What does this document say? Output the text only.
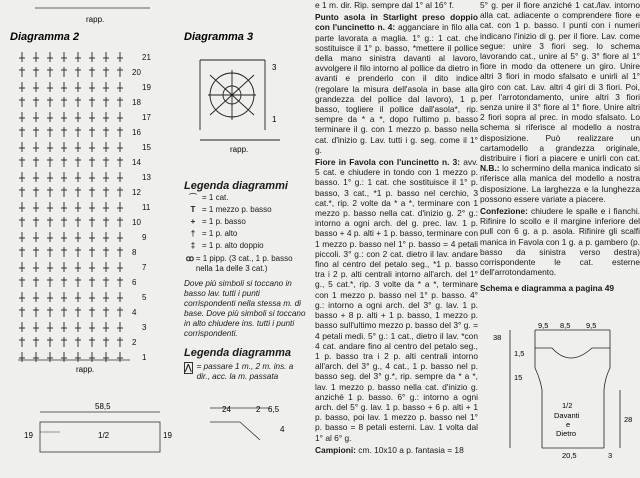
rapp.
Diagramma 2
21
20
19
18
17
16
15
14
13
12
11
10
9
8
7
6
5
4
3
2
1
rapp.
58,5
19	19
1/2
Diagramma 3
3
1
rapp.
Legenda diagrammi
⌒ = 1 cat.
T = 1 mezzo p. basso
+ = 1 p. basso
† = 1 p. alto
‡ = 1 p. alto doppio
ꝏ = 1 pipp. (3 cat., 1 p. basso nella 1a delle 3 cat.)
Dove più simboli si toccano in basso lav. tutti i punti corrispondenti nella stessa m. di base. Dove più simboli si toccano in alto chiudere ins. tutti i punti corrispondenti.
Legenda diagramma
⋀ = passare 1 m., 2 m. ins. a dir., acc. la m. passata
24	2 6,5
4

e 1 m. dir. Rip. sempre dal 1° al 16° f.

Punto asola in Starlight preso doppio con l'uncinetto n. 4: agganciare in filo alla parte lavorata a maglia. 1° g.: 1 cat. che sostituisce il 1° p. basso, *mettere il pollice della mano sinistra davanti al lavoro, avvolgere il filo intorno al pollice da dietro in avanti e prenderlo con il dito indice (regolare la misura dell'asola in base alla grandezza del pollice dal lavoro), 1 p. basso, togliere il pollice dall'asola*, rip. sempre da * a *, dopo l'ultimo p. basso terminare il g. con 1 mezzo p. basso nella cat. d'inizio g. Lav. tutti i g. seg. come il 1° g.

Fiore in Favola con l'uncinetto n. 3: avv. 5 cat. e chiudere in tondo con 1 mezzo p. basso. 1° g.: 1 cat. che sostituisce il 1° p. basso, 3 cat., *1 p. basso nel cerchio, 3 cat.*, rip. 2 volte da * a *, terminare con 1 mezzo p. basso nella cat. d'inizio g. 2° g.: intorno a ogni arch. del g. prec. lav. 1 p. basso + 4 p. alti + 1 p. basso, terminare con 1 mezzo p. basso nel 1° p. basso = 4 petali piccoli. 3° g.: con 2 cat. dietro il lav. andare fino al centro del petalo seg., *1 p. basso tra i 2 p. alti centrali intorno all'arch. del 1° g., 5 cat.*, rip. 3 volte da * a *, terminare con 1 mezzo p. basso nel 1° p. basso. 4° g.: intorno a ogni arch. del 3° g. lav. 1 p. basso + 8 p. alti + 1 p. basso, 1 mezzo p. basso sull'ultimo mezzo p. basso del 3° g. = 4 petali medi. 5° g.: 1 cat., dietro il lav. *con 4 cat. andare fino al centro del petalo seg., 1 p. basso tra i 2 p. alti centrali intorno all'arch. del 3° g., 4 cat., 1 p. basso nel p. basso seg. del 3° g.*, rip. sempre da * a *, lav. 1 mezzo p. basso nella cat. d'inizio g. anziché 1 p. basso. 6° g.: intorno a ogni arch. del 5° g. lav. 1 p. basso + 6 p. alti + 1 p. basso, poi lav. 1 mezzo p. basso nel 1° p. basso = 8 petali esterni. Lav. 1 volta dal 1° al 6° g.

Campioni: cm. 10x10 a p. fantasia = 18

5° g. per il fiore anziché 1 cat./lav. intorno alla cat. adiacente o comprendere fiore e cat. con 1 p. basso. I punti con i numeri indicano l'inizio di g. per il fiore. Lav. come segue: unire 3 fiori seg. lo schema lavorando cat., unire al 5° g. 3° fiore al 1° fiore in modo da ottenere un giro. Unire altri 3 fiori in modo sfalsato e unirli al 1° giro con cat. Lav. altri 4 giri di 3 fiori. Poi, per l'arrotondamento, unire altri 3 fiori senza unire il 3° fiore al 1° fiore. Unire altri 2 fiori sopra al prec. in modo sfalsato. Lo schema si riferisce al modello a nostra disposizione. Può realizzare un cartamodello a grandezza originale, distribuire i fiori a piacere e unirli con cat. N.B.: lo schermino della manica indicato si riferisce alla manica del modello a nostra disposizione. La larghezza e la lunghezza possono essere variate a piacere.

Confezione: chiudere le spalle e i fianchi. Rifinire lo scollo e il margine inferiore del pull con 6 g. a p. asola. Rifinire gli scalfi manica in Favola con 1 g. a p. gambero (p. basso da sinistra verso destra) corrispondente le cat. esterne dell'arrotondamento.

Schema e diagramma a pagina 49

9,5 8,5 9,5
38
1,5
15
28
1/2
Davanti
e
Dietro
20,5	3
